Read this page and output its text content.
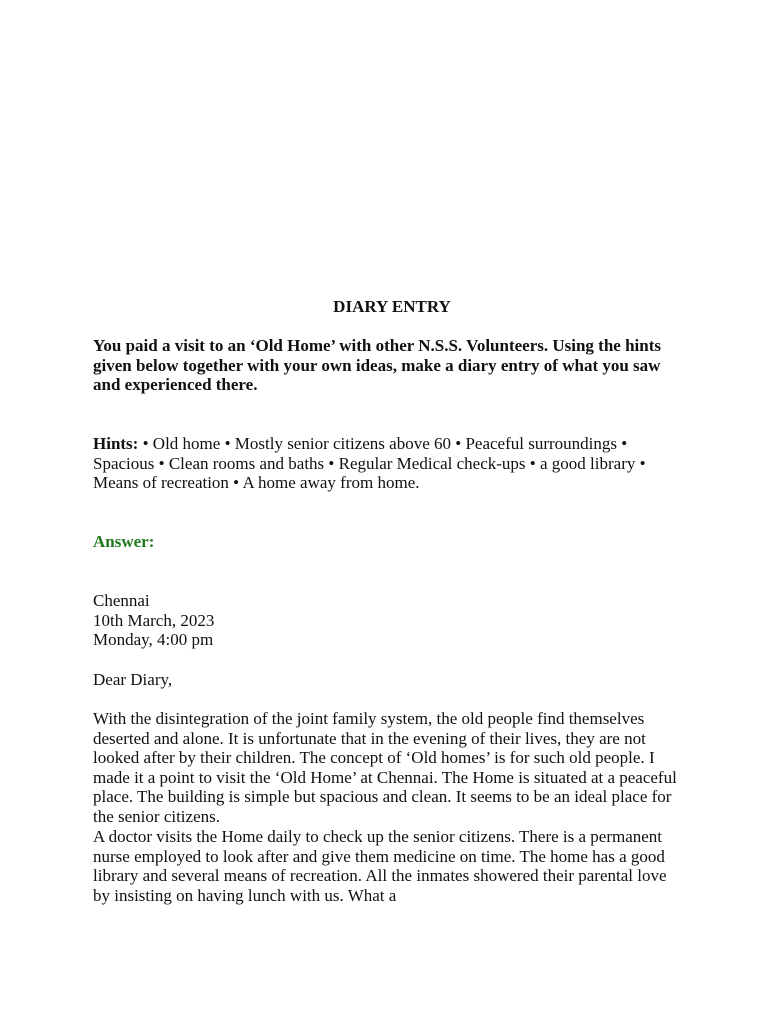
DIARY ENTRY

You paid a visit to an ‘Old Home’ with other N.S.S. Volunteers. Using the hints given below together with your own ideas, make a diary entry of what you saw and experienced there.

Hints: • Old home • Mostly senior citizens above 60 • Peaceful surroundings • Spacious • Clean rooms and baths • Regular Medical check-ups • a good library • Means of recreation • A home away from home.

Answer:

Chennai
10th March, 2023
Monday, 4:00 pm

Dear Diary,

With the disintegration of the joint family system, the old people find themselves deserted and alone. It is unfortunate that in the evening of their lives, they are not looked after by their children. The concept of ‘Old homes’ is for such old people. I made it a point to visit the ‘Old Home’ at Chennai. The Home is situated at a peaceful place. The building is simple but spacious and clean. It seems to be an ideal place for the senior citizens.

A doctor visits the Home daily to check up the senior citizens. There is a permanent nurse employed to look after and give them medicine on time. The home has a good library and several means of recreation. All the inmates showered their parental love by insisting on having lunch with us. What a
